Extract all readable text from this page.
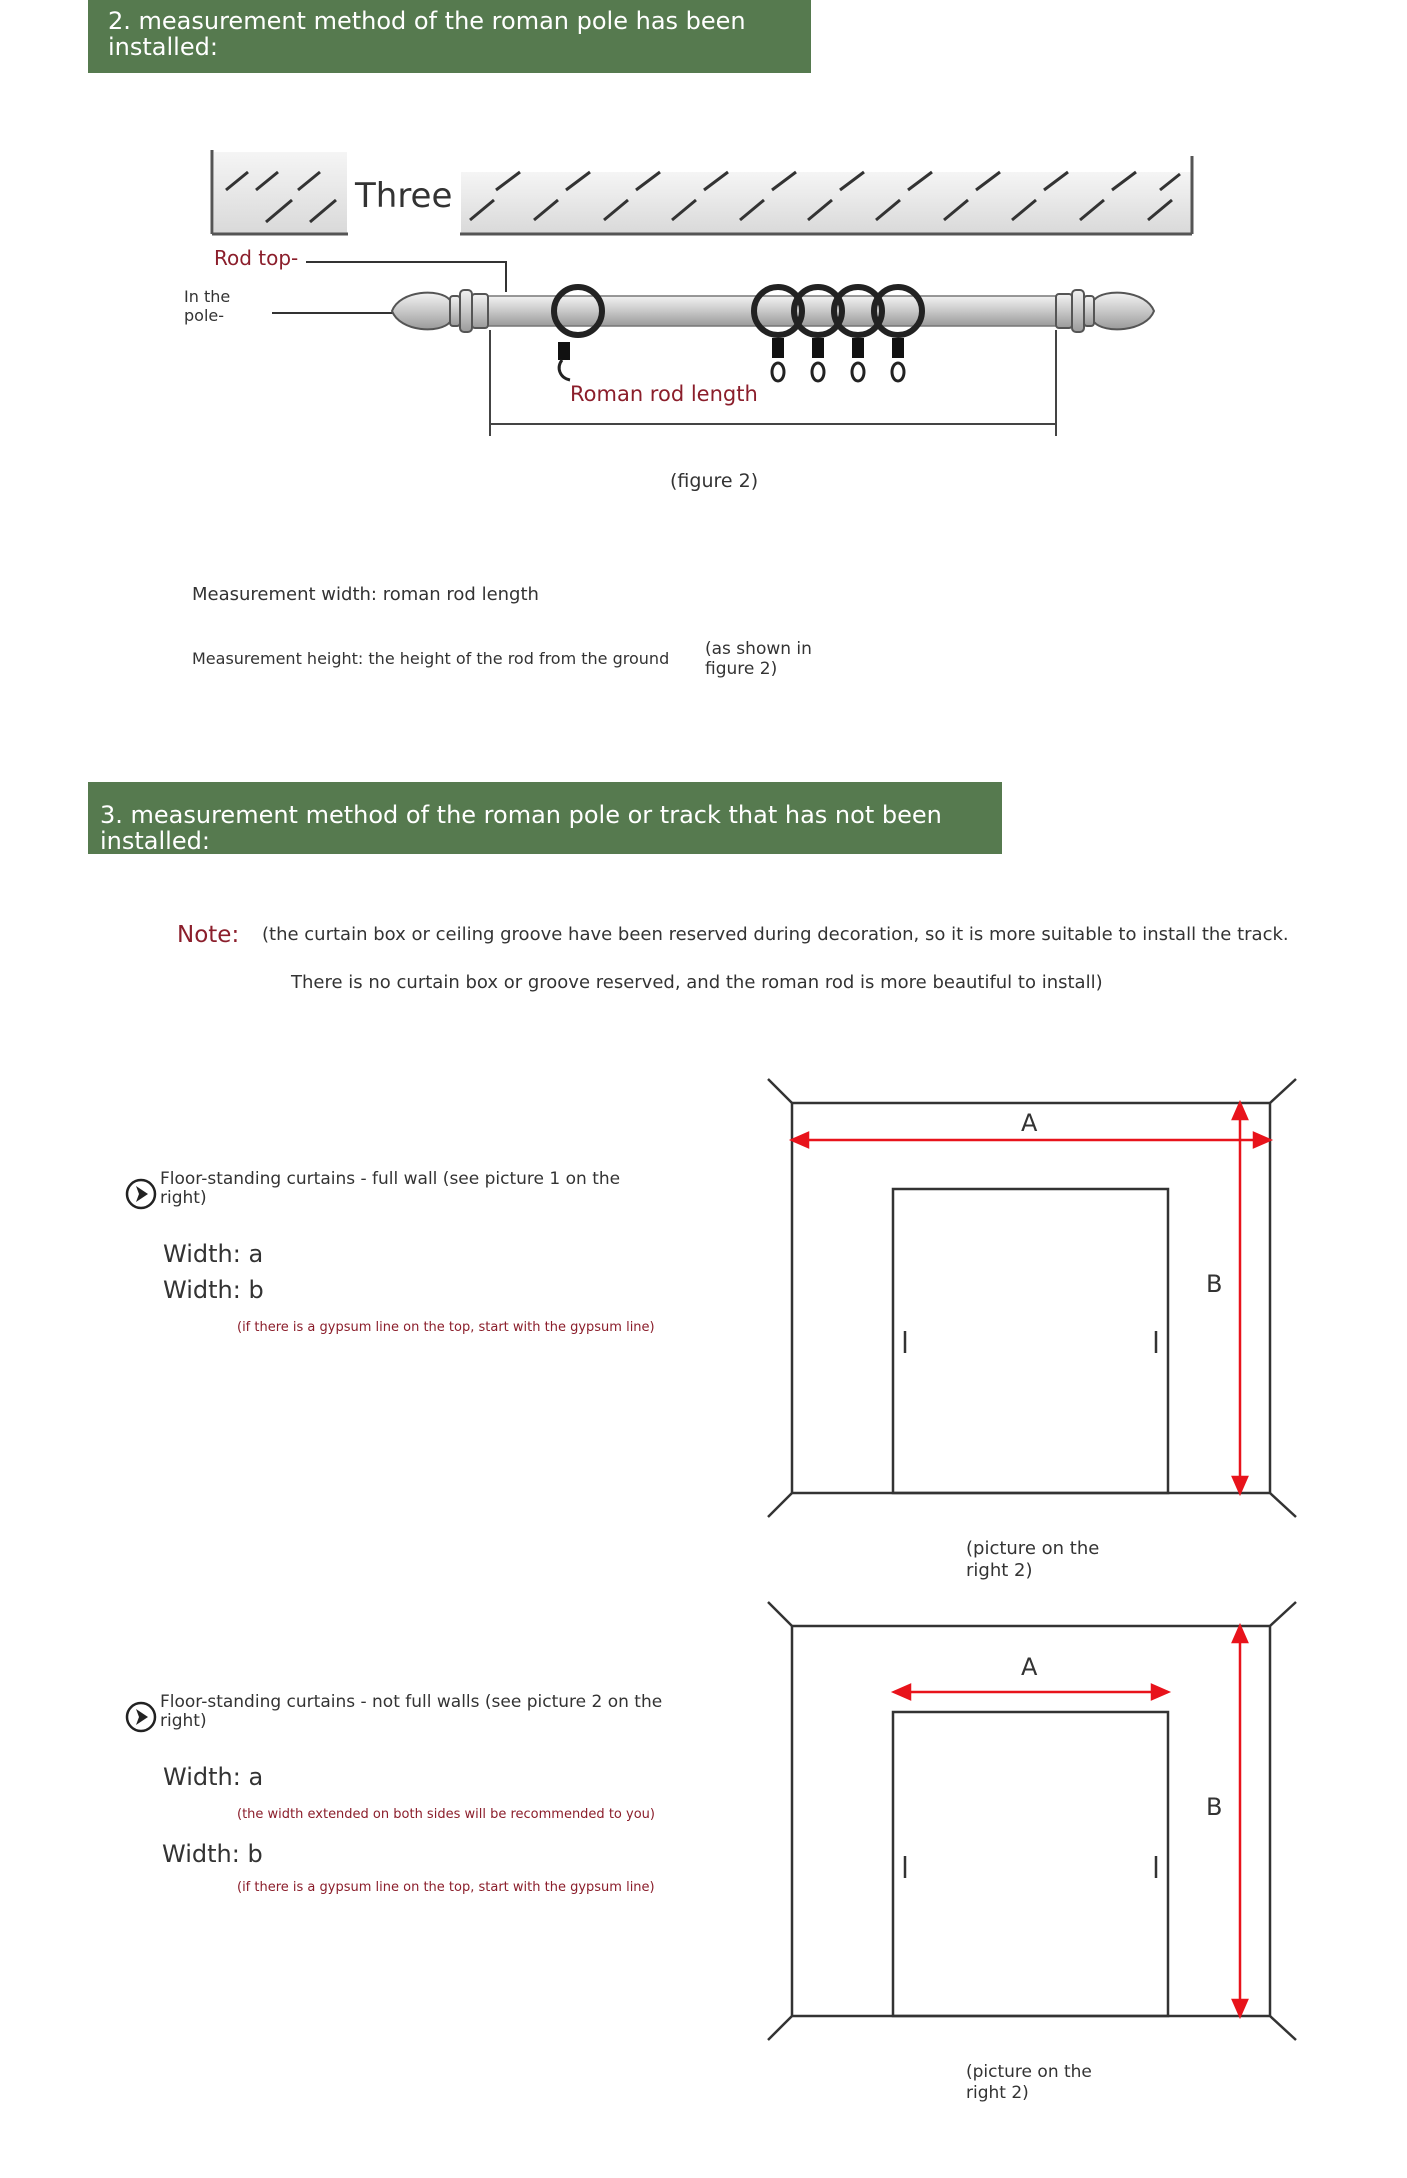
2. measurement method of the roman pole has been installed:
Three
Rod top-
In the
pole-
Roman rod length
(figure 2)
Measurement width: roman rod length
Measurement height: the height of the rod from the ground (as shown in
figure 2)
3. measurement method of the roman pole or track that has not been installed:
Note: (the curtain box or ceiling groove have been reserved during decoration, so it is more suitable to install the track.
There is no curtain box or groove reserved, and the roman rod is more beautiful to install)
Floor-standing curtains - full wall (see picture 1 on the
right)
Width: a
Width: b
(if there is a gypsum line on the top, start with the gypsum line)
A
B
(picture on the
right 2)
Floor-standing curtains - not full walls (see picture 2 on the
right)
Width: a
(the width extended on both sides will be recommended to you)
Width: b
(if there is a gypsum line on the top, start with the gypsum line)
A
B
(picture on the
right 2)
